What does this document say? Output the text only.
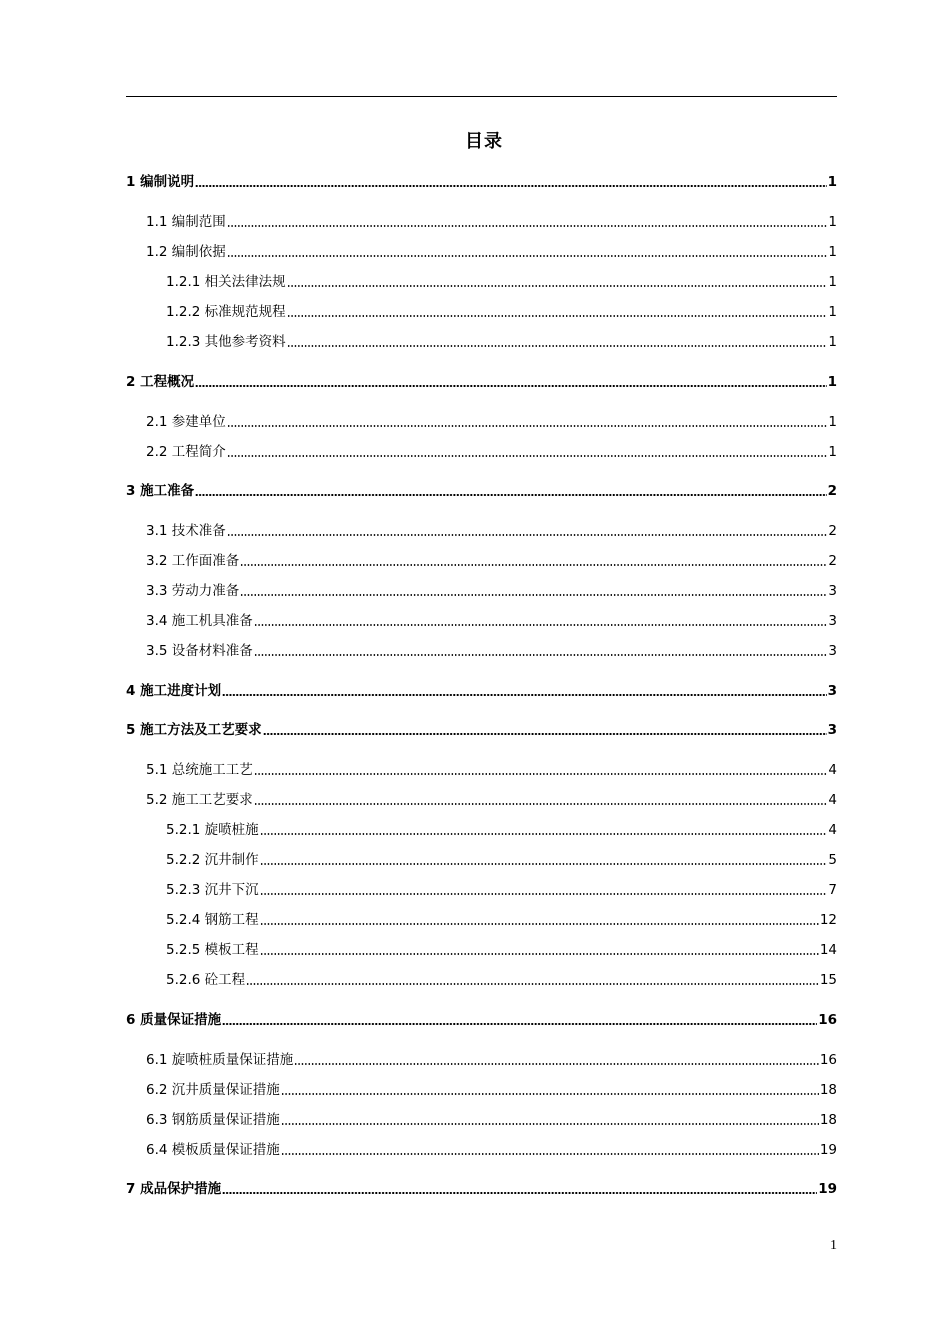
目录
1 编制说明	1
1.1 编制范围	1
1.2 编制依据	1
1.2.1 相关法律法规	1
1.2.2 标准规范规程	1
1.2.3 其他参考资料	1
2 工程概况	1
2.1 参建单位	1
2.2 工程简介	1
3 施工准备	2
3.1 技术准备	2
3.2 工作面准备	2
3.3 劳动力准备	3
3.4 施工机具准备	3
3.5 设备材料准备	3
4 施工进度计划	3
5 施工方法及工艺要求	3
5.1 总统施工工艺	4
5.2 施工工艺要求	4
5.2.1 旋喷桩施	4
5.2.2 沉井制作	5
5.2.3 沉井下沉	7
5.2.4 钢筋工程	12
5.2.5 模板工程	14
5.2.6 砼工程	15
6 质量保证措施	16
6.1 旋喷桩质量保证措施	16
6.2 沉井质量保证措施	18
6.3 钢筋质量保证措施	18
6.4 模板质量保证措施	19
7 成品保护措施	19
1
